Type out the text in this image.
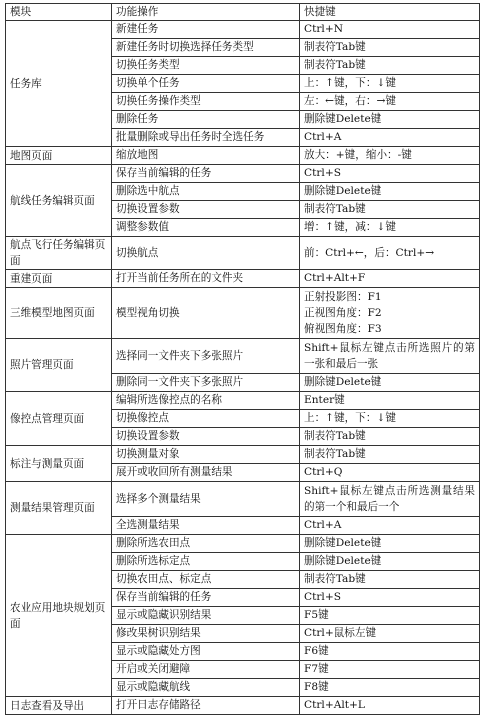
模块	功能操作	快捷键
任务库	新建任务	Ctrl+N
	新建任务时切换选择任务类型	制表符Tab键
	切换任务类型	制表符Tab键
	切换单个任务	上：↑键，下：↓键
	切换任务操作类型	左：←键，右：→键
	删除任务	删除键Delete键
	批量删除或导出任务时全选任务	Ctrl+A
地图页面	缩放地图	放大：+键，缩小：-键
航线任务编辑页面	保存当前编辑的任务	Ctrl+S
	删除选中航点	删除键Delete键
	切换设置参数	制表符Tab键
	调整参数值	增：↑键，减：↓键
航点飞行任务编辑页面	切换航点	前：Ctrl+←，后：Ctrl+→
重建页面	打开当前任务所在的文件夹	Ctrl+Alt+F
三维模型地图页面	模型视角切换	正射投影图：F1
正视图角度：F2
俯视图角度：F3
照片管理页面	选择同一文件夹下多张照片	Shift+鼠标左键点击所选照片的第一张和最后一张
	删除同一文件夹下多张照片	删除键Delete键
像控点管理页面	编辑所选像控点的名称	Enter键
	切换像控点	上：↑键，下：↓键
	切换设置参数	制表符Tab键
标注与测量页面	切换测量对象	制表符Tab键
	展开或收回所有测量结果	Ctrl+Q
测量结果管理页面	选择多个测量结果	Shift+鼠标左键点击所选测量结果的第一个和最后一个
	全选测量结果	Ctrl+A
农业应用地块规划页面	删除所选农田点	删除键Delete键
	删除所选标定点	删除键Delete键
	切换农田点、标定点	制表符Tab键
	保存当前编辑的任务	Ctrl+S
	显示或隐藏识别结果	F5键
	修改果树识别结果	Ctrl+鼠标左键
	显示或隐藏处方图	F6键
	开启或关闭避障	F7键
	显示或隐藏航线	F8键
日志查看及导出	打开日志存储路径	Ctrl+Alt+L
